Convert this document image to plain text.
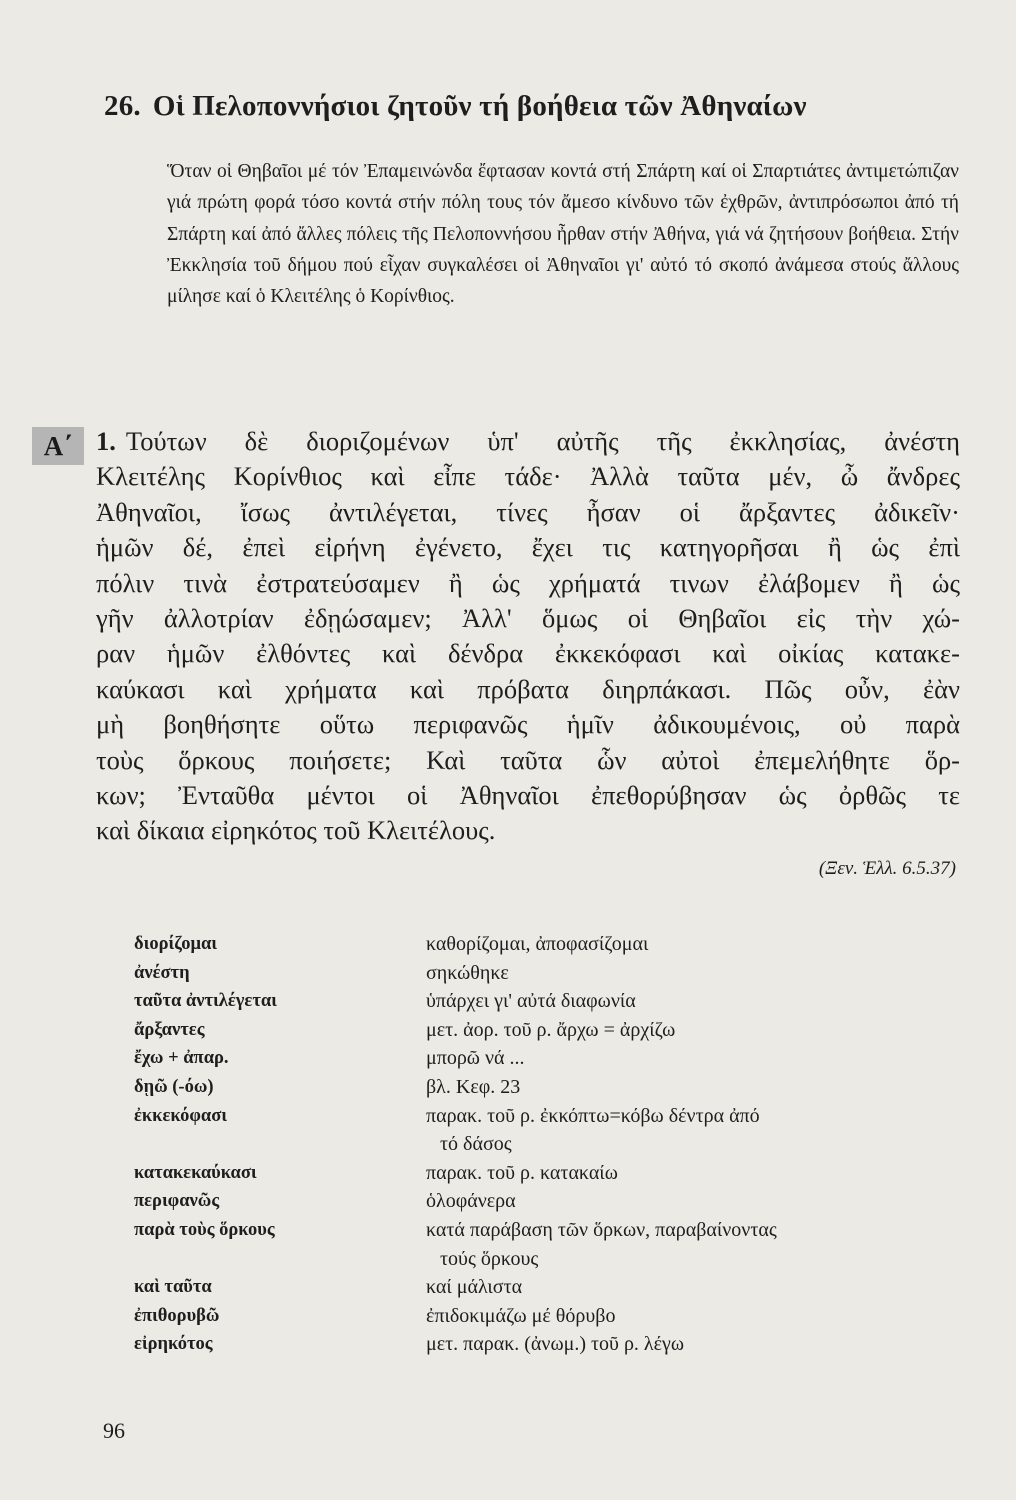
26. Οἱ Πελοποννήσιοι ζητοῦν τή βοήθεια τῶν Ἀθηναίων

Ὅταν οἱ Θηβαῖοι μέ τόν Ἐπαμεινώνδα ἔφτασαν κοντά στή Σπάρτη καί οἱ Σπαρτιάτες ἀντιμετώπιζαν γιά πρώτη φορά τόσο κοντά στήν πόλη τους τόν ἄμεσο κίνδυνο τῶν ἐχθρῶν, ἀντιπρόσωποι ἀπό τή Σπάρτη καί ἀπό ἄλλες πόλεις τῆς Πελοποννήσου ἦρθαν στήν Ἀθήνα, γιά νά ζητήσουν βοήθεια. Στήν Ἐκκλησία τοῦ δήμου πού εἶχαν συγκαλέσει οἱ Ἀθηναῖοι γι' αὐτό τό σκοπό ἀνάμεσα στούς ἄλλους μίλησε καί ὁ Κλειτέλης ὁ Κορίνθιος.

Α΄ 1. Τούτων δὲ διοριζομένων ὑπ' αὐτῆς τῆς ἐκκλησίας, ἀνέστη
Κλειτέλης Κορίνθιος καὶ εἶπε τάδε· Ἀλλὰ ταῦτα μέν, ὦ ἄνδρες
Ἀθηναῖοι, ἴσως ἀντιλέγεται, τίνες ἦσαν οἱ ἄρξαντες ἀδικεῖν·
ἡμῶν δέ, ἐπεὶ εἰρήνη ἐγένετο, ἔχει τις κατηγορῆσαι ἢ ὡς ἐπὶ
πόλιν τινὰ ἐστρατεύσαμεν ἢ ὡς χρήματά τινων ἐλάβομεν ἢ ὡς
γῆν ἀλλοτρίαν ἐδῃώσαμεν; Ἀλλ' ὅμως οἱ Θηβαῖοι εἰς τὴν χώ-
ραν ἡμῶν ἐλθόντες καὶ δένδρα ἐκκεκόφασι καὶ οἰκίας κατακε-
καύκασι καὶ χρήματα καὶ πρόβατα διηρπάκασι. Πῶς οὖν, ἐὰν
μὴ βοηθήσητε οὕτω περιφανῶς ἡμῖν ἀδικουμένοις, οὐ παρὰ
τοὺς ὅρκους ποιήσετε; Καὶ ταῦτα ὧν αὐτοὶ ἐπεμελήθητε ὅρ-
κων; Ἐνταῦθα μέντοι οἱ Ἀθηναῖοι ἐπεθορύβησαν ὡς ὀρθῶς τε
καὶ δίκαια εἰρηκότος τοῦ Κλειτέλους.
(Ξεν. Ἑλλ. 6.5.37)
διορίζομαι	καθορίζομαι, ἀποφασίζομαι
ἀνέστη	σηκώθηκε
ταῦτα ἀντιλέγεται	ὑπάρχει γι' αὐτά διαφωνία
ἄρξαντες	μετ. ἀορ. τοῦ ρ. ἄρχω = ἀρχίζω
ἔχω + ἀπαρ.	μπορῶ νά ...
δῃῶ (-όω)	βλ. Κεφ. 23
ἐκκεκόφασι	παρακ. τοῦ ρ. ἐκκόπτω=κόβω δέντρα ἀπό
τό δάσος
κατακεκαύκασι	παρακ. τοῦ ρ. κατακαίω
περιφανῶς	ὁλοφάνερα
παρὰ τοὺς ὅρκους	κατά παράβαση τῶν ὅρκων, παραβαίνοντας
τούς ὅρκους
καὶ ταῦτα	καί μάλιστα
ἐπιθορυβῶ	ἐπιδοκιμάζω μέ θόρυβο
εἰρηκότος	μετ. παρακ. (ἀνωμ.) τοῦ ρ. λέγω
96
